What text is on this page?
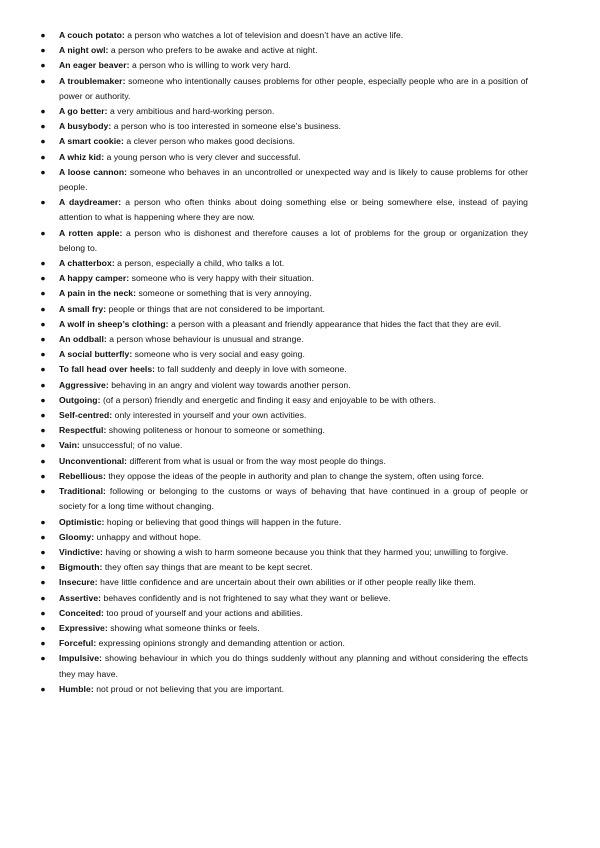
● A couch potato: a person who watches a lot of television and doesn’t have an active life.
● A night owl: a person who prefers to be awake and active at night.
● An eager beaver: a person who is willing to work very hard.
● A troublemaker: someone who intentionally causes problems for other people, especially people who are in a position of power or authority.
● A go better: a very ambitious and hard-working person.
● A busybody: a person who is too interested in someone else’s business.
● A smart cookie: a clever person who makes good decisions.
● A whiz kid: a young person who is very clever and successful.
● A loose cannon: someone who behaves in an uncontrolled or unexpected way and is likely to cause problems for other people.
● A daydreamer: a person who often thinks about doing something else or being somewhere else, instead of paying attention to what is happening where they are now.
● A rotten apple: a person who is dishonest and therefore causes a lot of problems for the group or organization they belong to.
● A chatterbox: a person, especially a child, who talks a lot.
● A happy camper: someone who is very happy with their situation.
● A pain in the neck: someone or something that is very annoying.
● A small fry: people or things that are not considered to be important.
● A wolf in sheep’s clothing: a person with a pleasant and friendly appearance that hides the fact that they are evil.
● An oddball: a person whose behaviour is unusual and strange.
● A social butterfly: someone who is very social and easy going.
● To fall head over heels: to fall suddenly and deeply in love with someone.
● Aggressive: behaving in an angry and violent way towards another person.
● Outgoing: (of a person) friendly and energetic and finding it easy and enjoyable to be with others.
● Self-centred: only interested in yourself and your own activities.
● Respectful: showing politeness or honour to someone or something.
● Vain: unsuccessful; of no value.
● Unconventional: different from what is usual or from the way most people do things.
● Rebellious: they oppose the ideas of the people in authority and plan to change the system, often using force.
● Traditional: following or belonging to the customs or ways of behaving that have continued in a group of people or society for a long time without changing.
● Optimistic: hoping or believing that good things will happen in the future.
● Gloomy: unhappy and without hope.
● Vindictive: having or showing a wish to harm someone because you think that they harmed you; unwilling to forgive.
● Bigmouth: they often say things that are meant to be kept secret.
● Insecure: have little confidence and are uncertain about their own abilities or if other people really like them.
● Assertive: behaves confidently and is not frightened to say what they want or believe.
● Conceited: too proud of yourself and your actions and abilities.
● Expressive: showing what someone thinks or feels.
● Forceful: expressing opinions strongly and demanding attention or action.
● Impulsive: showing behaviour in which you do things suddenly without any planning and without considering the effects they may have.
● Humble: not proud or not believing that you are important.
